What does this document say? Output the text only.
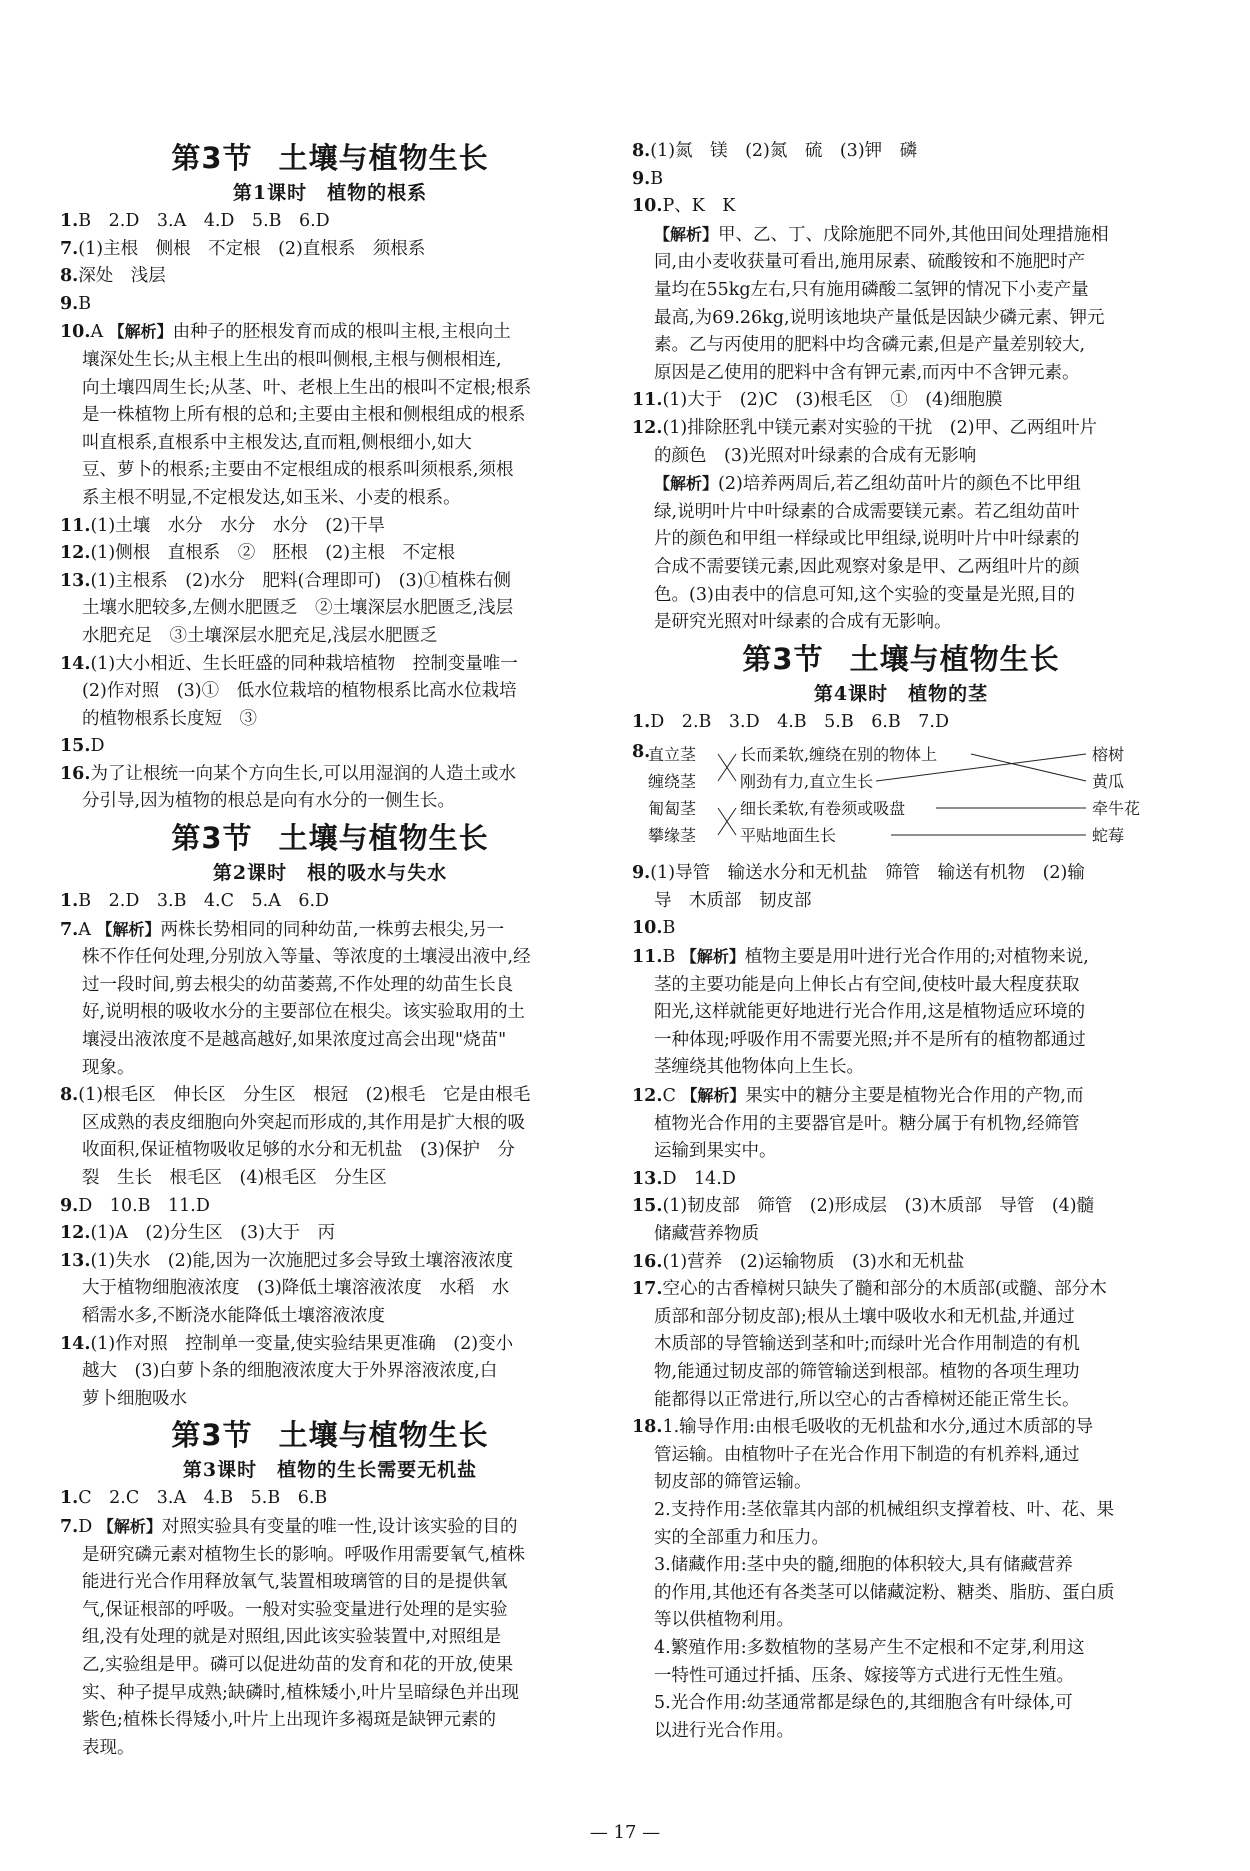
第3节 土壤与植物生长
第1课时 植物的根系
1.B　2.D　3.A　4.D　5.B　6.D
7.(1)主根　侧根　不定根　(2)直根系　须根系
8.深处　浅层
9.B
10.A 【解析】由种子的胚根发育而成的根叫主根,主根向土
壤深处生长;从主根上生出的根叫侧根,主根与侧根相连,
向土壤四周生长;从茎、叶、老根上生出的根叫不定根;根系
是一株植物上所有根的总和;主要由主根和侧根组成的根系
叫直根系,直根系中主根发达,直而粗,侧根细小,如大
豆、萝卜的根系;主要由不定根组成的根系叫须根系,须根
系主根不明显,不定根发达,如玉米、小麦的根系。
11.(1)土壤　水分　水分　水分　(2)干旱
12.(1)侧根　直根系　②　胚根　(2)主根　不定根
13.(1)主根系　(2)水分　肥料(合理即可)　(3)①植株右侧
土壤水肥较多,左侧水肥匮乏　②土壤深层水肥匮乏,浅层
水肥充足　③土壤深层水肥充足,浅层水肥匮乏
14.(1)大小相近、生长旺盛的同种栽培植物　控制变量唯一
(2)作对照　(3)①　低水位栽培的植物根系比高水位栽培
的植物根系长度短　③
15.D
16.为了让根统一向某个方向生长,可以用湿润的人造土或水
分引导,因为植物的根总是向有水分的一侧生长。
第3节 土壤与植物生长
第2课时 根的吸水与失水
1.B　2.D　3.B　4.C　5.A　6.D
7.A 【解析】两株长势相同的同种幼苗,一株剪去根尖,另一
株不作任何处理,分别放入等量、等浓度的土壤浸出液中,经
过一段时间,剪去根尖的幼苗萎蔫,不作处理的幼苗生长良
好,说明根的吸收水分的主要部位在根尖。该实验取用的土
壤浸出液浓度不是越高越好,如果浓度过高会出现"烧苗"
现象。
8.(1)根毛区　伸长区　分生区　根冠　(2)根毛　它是由根毛
区成熟的表皮细胞向外突起而形成的,其作用是扩大根的吸
收面积,保证植物吸收足够的水分和无机盐　(3)保护　分
裂　生长　根毛区　(4)根毛区　分生区
9.D　10.B　11.D
12.(1)A　(2)分生区　(3)大于　丙
13.(1)失水　(2)能,因为一次施肥过多会导致土壤溶液浓度
大于植物细胞液浓度　(3)降低土壤溶液浓度　水稻　水
稻需水多,不断浇水能降低土壤溶液浓度
14.(1)作对照　控制单一变量,使实验结果更准确　(2)变小
越大　(3)白萝卜条的细胞液浓度大于外界溶液浓度,白
萝卜细胞吸水
第3节 土壤与植物生长
第3课时 植物的生长需要无机盐
1.C　2.C　3.A　4.B　5.B　6.B
7.D 【解析】对照实验具有变量的唯一性,设计该实验的目的
是研究磷元素对植物生长的影响。呼吸作用需要氧气,植株
能进行光合作用释放氧气,装置相玻璃管的目的是提供氧
气,保证根部的呼吸。一般对实验变量进行处理的是实验
组,没有处理的就是对照组,因此该实验装置中,对照组是
乙,实验组是甲。磷可以促进幼苗的发育和花的开放,使果
实、种子提早成熟;缺磷时,植株矮小,叶片呈暗绿色并出现
紫色;植株长得矮小,叶片上出现许多褐斑是缺钾元素的
表现。
8.(1)氮　镁　(2)氮　硫　(3)钾　磷
9.B
10.P、K　K
【解析】甲、乙、丁、戊除施肥不同外,其他田间处理措施相
同,由小麦收获量可看出,施用尿素、硫酸铵和不施肥时产
量均在55kg左右,只有施用磷酸二氢钾的情况下小麦产量
最高,为69.26kg,说明该地块产量低是因缺少磷元素、钾元
素。乙与丙使用的肥料中均含磷元素,但是产量差别较大,
原因是乙使用的肥料中含有钾元素,而丙中不含钾元素。
11.(1)大于　(2)C　(3)根毛区　①　(4)细胞膜
12.(1)排除胚乳中镁元素对实验的干扰　(2)甲、乙两组叶片
的颜色　(3)光照对叶绿素的合成有无影响
【解析】(2)培养两周后,若乙组幼苗叶片的颜色不比甲组
绿,说明叶片中叶绿素的合成需要镁元素。若乙组幼苗叶
片的颜色和甲组一样绿或比甲组绿,说明叶片中叶绿素的
合成不需要镁元素,因此观察对象是甲、乙两组叶片的颜
色。(3)由表中的信息可知,这个实验的变量是光照,目的
是研究光照对叶绿素的合成有无影响。
第3节 土壤与植物生长
第4课时 植物的茎
1.D　2.B　3.D　4.B　5.B　6.B　7.D
8.
直立茎
缠绕茎
匍匐茎
攀缘茎
长而柔软,缠绕在别的物体上
刚劲有力,直立生长
细长柔软,有卷须或吸盘
平贴地面生长
榕树
黄瓜
牵牛花
蛇莓
9.(1)导管　输送水分和无机盐　筛管　输送有机物　(2)输
导　木质部　韧皮部
10.B
11.B 【解析】植物主要是用叶进行光合作用的;对植物来说,
茎的主要功能是向上伸长占有空间,使枝叶最大程度获取
阳光,这样就能更好地进行光合作用,这是植物适应环境的
一种体现;呼吸作用不需要光照;并不是所有的植物都通过
茎缠绕其他物体向上生长。
12.C 【解析】果实中的糖分主要是植物光合作用的产物,而
植物光合作用的主要器官是叶。糖分属于有机物,经筛管
运输到果实中。
13.D　14.D
15.(1)韧皮部　筛管　(2)形成层　(3)木质部　导管　(4)髓
储藏营养物质
16.(1)营养　(2)运输物质　(3)水和无机盐
17.空心的古香樟树只缺失了髓和部分的木质部(或髓、部分木
质部和部分韧皮部);根从土壤中吸收水和无机盐,并通过
木质部的导管输送到茎和叶;而绿叶光合作用制造的有机
物,能通过韧皮部的筛管输送到根部。植物的各项生理功
能都得以正常进行,所以空心的古香樟树还能正常生长。
18.1.输导作用:由根毛吸收的无机盐和水分,通过木质部的导
管运输。由植物叶子在光合作用下制造的有机养料,通过
韧皮部的筛管运输。
2.支持作用:茎依靠其内部的机械组织支撑着枝、叶、花、果
实的全部重力和压力。
3.储藏作用:茎中央的髓,细胞的体积较大,具有储藏营养
的作用,其他还有各类茎可以储藏淀粉、糖类、脂肪、蛋白质
等以供植物利用。
4.繁殖作用:多数植物的茎易产生不定根和不定芽,利用这
一特性可通过扦插、压条、嫁接等方式进行无性生殖。
5.光合作用:幼茎通常都是绿色的,其细胞含有叶绿体,可
以进行光合作用。
— 17 —
